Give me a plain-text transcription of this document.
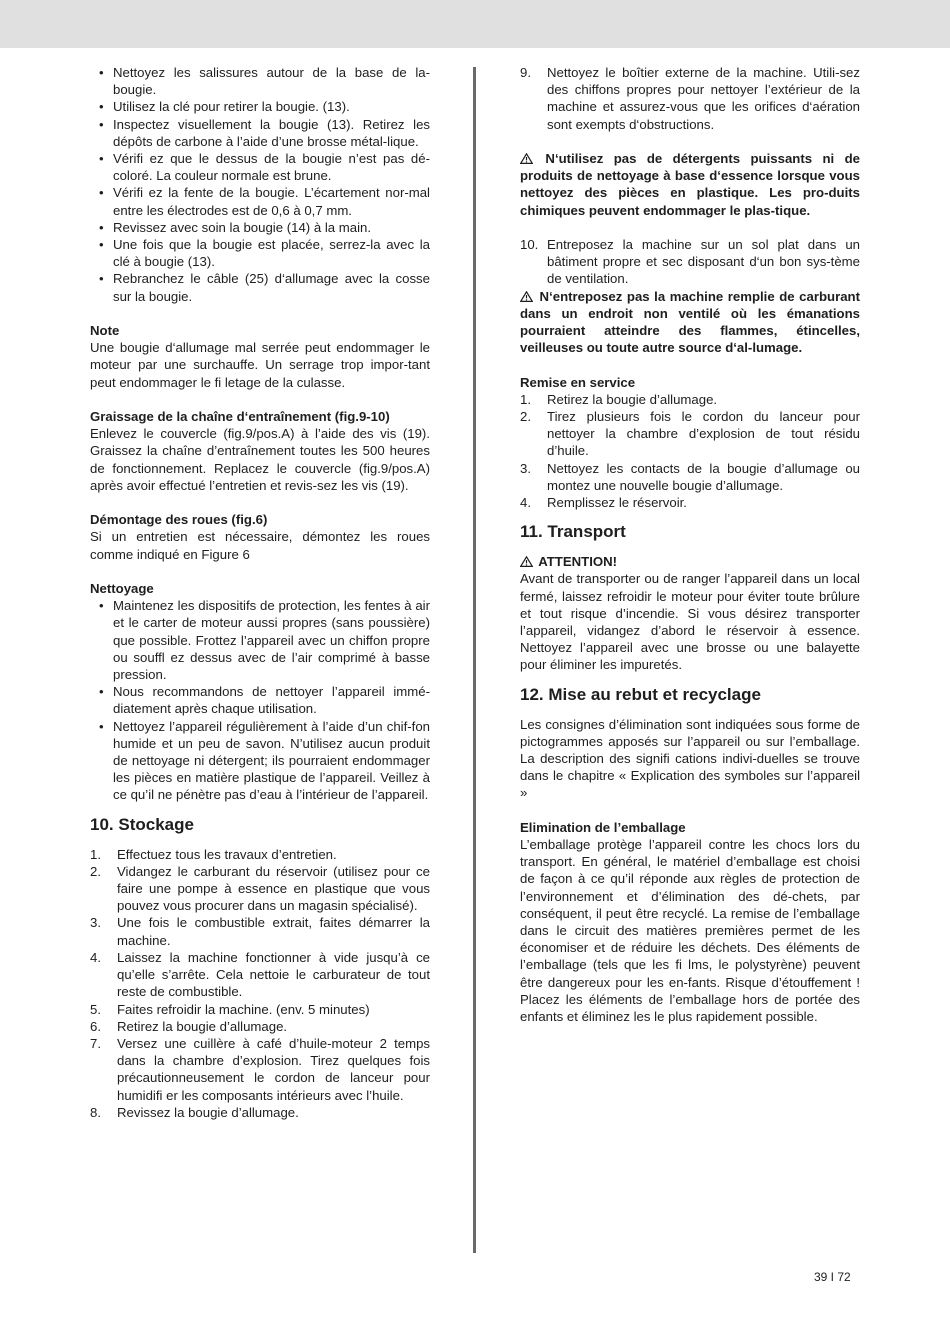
• Nettoyez les salissures autour de la base de la-bougie.
• Utilisez la clé pour retirer la bougie. (13).
• Inspectez visuellement la bougie (13). Retirez les dépôts de carbone à l’aide d’une brosse métal-lique.
• Vérifi ez que le dessus de la bougie n’est pas dé-coloré. La couleur normale est brune.
• Vérifi ez la fente de la bougie. L’écartement nor-mal entre les électrodes est de 0,6 à 0,7 mm.
• Revissez avec soin la bougie (14) à la main.
• Une fois que la bougie est placée, serrez-la avec la clé à bougie (13).
• Rebranchez le câble (25) d‘allumage avec la cosse sur la bougie.
Note

Une bougie d‘allumage mal serrée peut endommager le moteur par une surchauffe. Un serrage trop impor-tant peut endommager le fi letage de la culasse.

Graissage de la chaîne d‘entraînement (fig.9-10)

Enlevez le couvercle (fig.9/pos.A) à l’aide des vis (19). Graissez la chaîne d’entraînement toutes les 500 heures de fonctionnement. Replacez le couvercle (fig.9/pos.A) après avoir effectué l’entretien et revis-sez les vis (19).

Démontage des roues (fig.6)

Si un entretien est nécessaire, démontez les roues comme indiqué en Figure 6

Nettoyage
• Maintenez les dispositifs de protection, les fentes à air et le carter de moteur aussi propres (sans poussière) que possible. Frottez l’appareil avec un chiffon propre ou souffl ez dessus avec de l’air comprimé à basse pression.
• Nous recommandons de nettoyer l’appareil immé-diatement après chaque utilisation.
• Nettoyez l’appareil régulièrement à l’aide d’un chif-fon humide et un peu de savon. N’utilisez aucun produit de nettoyage ni détergent; ils pourraient endommager les pièces en matière plastique de l’appareil. Veillez à ce qu’il ne pénètre pas d’eau à l’intérieur de l’appareil.
10. Stockage
1. Effectuez tous les travaux d’entretien.
2. Vidangez le carburant du réservoir (utilisez pour ce faire une pompe à essence en plastique que vous pouvez vous procurer dans un magasin spécialisé).
3. Une fois le combustible extrait, faites démarrer la machine.
4. Laissez la machine fonctionner à vide jusqu’à ce qu’elle s’arrête. Cela nettoie le carburateur de tout reste de combustible.
5. Faites refroidir la machine. (env. 5 minutes)
6. Retirez la bougie d’allumage.
7. Versez une cuillère à café d’huile-moteur 2 temps dans la chambre d’explosion. Tirez quelques fois précautionneusement le cordon de lanceur pour humidifi er les composants intérieurs avec l’huile.
8. Revissez la bougie d’allumage.
9. Nettoyez le boîtier externe de la machine. Utili-sez des chiffons propres pour nettoyer l’extérieur de la machine et assurez-vous que les orifices d‘aération sont exempts d‘obstructions.

N‘utilisez pas de détergents puissants ni de produits de nettoyage à base d‘essence lorsque vous nettoyez des pièces en plastique. Les pro-duits chimiques peuvent endommager le plas-tique.

10. Entreposez la machine sur un sol plat dans un bâtiment propre et sec disposant d‘un bon sys-tème de ventilation.

N‘entreposez pas la machine remplie de carburant dans un endroit non ventilé où les émanations pourraient atteindre des flammes, étincelles, veilleuses ou toute autre source d‘al-lumage.

Remise en service
1. Retirez la bougie d’allumage.
2. Tirez plusieurs fois le cordon du lanceur pour nettoyer la chambre d’explosion de tout résidu d’huile.
3. Nettoyez les contacts de la bougie d’allumage ou montez une nouvelle bougie d’allumage.
4. Remplissez le réservoir.
11. Transport
ATTENTION!

Avant de transporter ou de ranger l’appareil dans un local fermé, laissez refroidir le moteur pour éviter toute brûlure et tout risque d’incendie. Si vous désirez transporter l’appareil, vidangez d’abord le réservoir à essence. Nettoyez l’appareil avec une brosse ou une balayette pour éliminer les impuretés.

12. Mise au rebut et recyclage

Les consignes d’élimination sont indiquées sous forme de pictogrammes apposés sur l’appareil ou sur l’emballage. La description des signifi cations indivi-duelles se trouve dans le chapitre « Explication des symboles sur l’appareil »

Elimination de l’emballage

L’emballage protège l’appareil contre les chocs lors du transport. En général, le matériel d’emballage est choisi de façon à ce qu’il réponde aux règles de protection de l’environnement et d’élimination des dé-chets, par conséquent, il peut être recyclé. La remise de l’emballage dans le circuit des matières premières permet de les économiser et de réduire les déchets. Des éléments de l’emballage (tels que les fi lms, le polystyrène) peuvent être dangereux pour les en-fants. Risque d’étouffement ! Placez les éléments de l’emballage hors de portée des enfants et éliminez les le plus rapidement possible.

39 I 72
